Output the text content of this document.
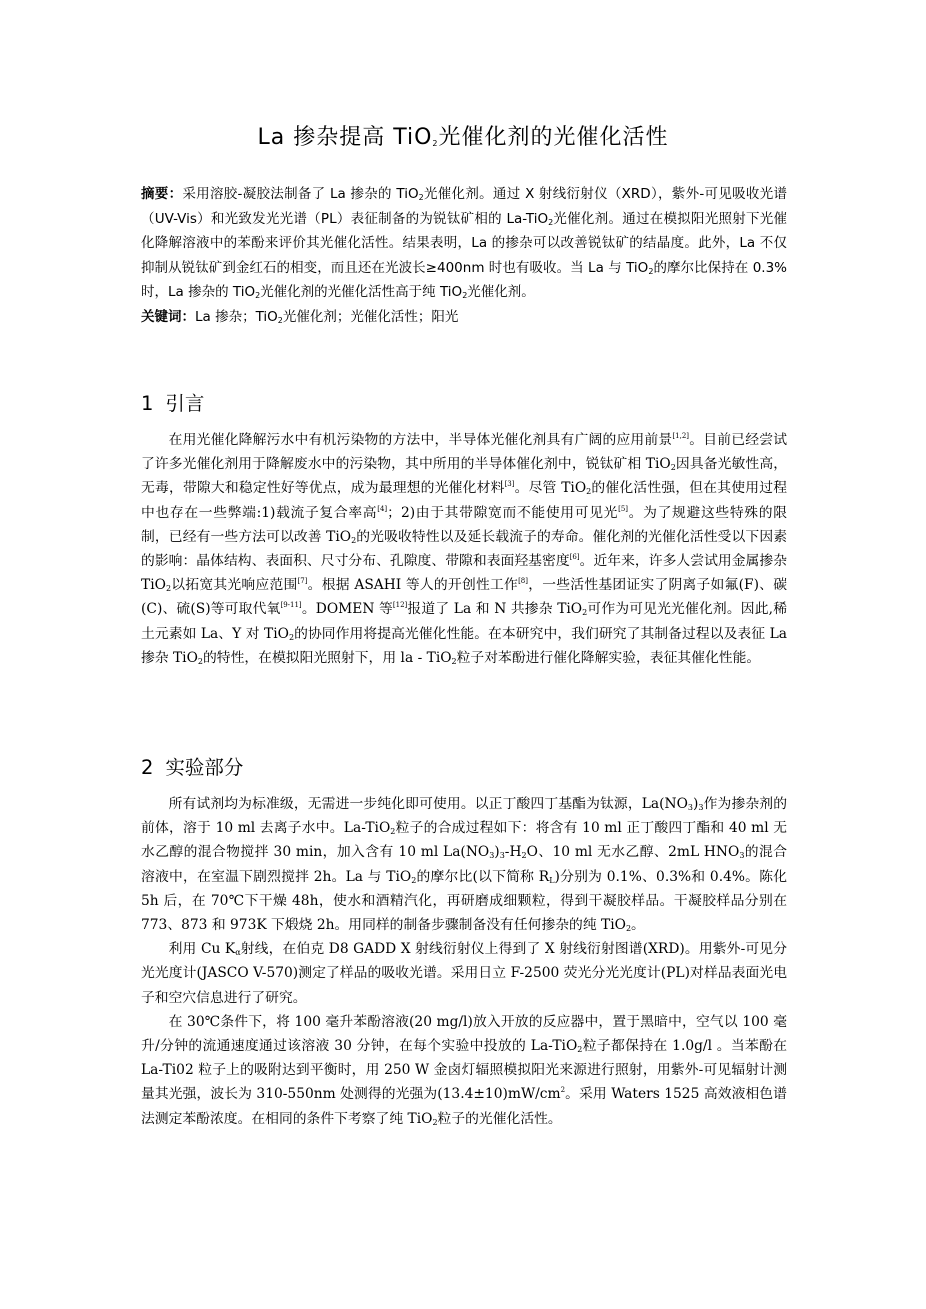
La 掺杂提高 TiO$_2$光催化剂的光催化活性

摘要：采用溶胶-凝胶法制备了 La 掺杂的 TiO$_2$光催化剂。通过 X 射线衍射仪（XRD），紫外-可见吸收光谱（UV-Vis）和光致发光光谱（PL）表征制备的为锐钛矿相的 La-TiO$_2$光催化剂。通过在模拟阳光照射下光催化降解溶液中的苯酚来评价其光催化活性。结果表明，La 的掺杂可以改善锐钛矿的结晶度。此外，La 不仅抑制从锐钛矿到金红石的相变，而且还在光波长≥400nm 时也有吸收。当 La 与 TiO$_2$的摩尔比保持在 0.3%时，La 掺杂的 TiO$_2$光催化剂的光催化活性高于纯 TiO$_2$光催化剂。

关键词：La 掺杂；TiO$_2$光催化剂；光催化活性；阳光

1 引言

在用光催化降解污水中有机污染物的方法中，半导体光催化剂具有广阔的应用前景[1,2]。目前已经尝试了许多光催化剂用于降解废水中的污染物，其中所用的半导体催化剂中，锐钛矿相 TiO$_2$因具备光敏性高，无毒，带隙大和稳定性好等优点，成为最理想的光催化材料[3]。尽管 TiO$_2$的催化活性强，但在其使用过程中也存在一些弊端:1)载流子复合率高[4]；2)由于其带隙宽而不能使用可见光[5]。为了规避这些特殊的限制，已经有一些方法可以改善 TiO$_2$的光吸收特性以及延长载流子的寿命。催化剂的光催化活性受以下因素的影响：晶体结构、表面积、尺寸分布、孔隙度、带隙和表面羟基密度[6]。近年来，许多人尝试用金属掺杂 TiO$_2$以拓宽其光响应范围[7]。根据 ASAHI 等人的开创性工作[8]，一些活性基团证实了阴离子如氟(F)、碳(C)、硫(S)等可取代氧[9-11]。DOMEN 等[12]报道了 La 和 N 共掺杂 TiO$_2$可作为可见光光催化剂。因此,稀土元素如 La、Y 对 TiO$_2$的协同作用将提高光催化性能。在本研究中，我们研究了其制备过程以及表征 La 掺杂 TiO$_2$的特性，在模拟阳光照射下，用 la - TiO$_2$粒子对苯酚进行催化降解实验，表征其催化性能。

2 实验部分

所有试剂均为标准级，无需进一步纯化即可使用。以正丁酸四丁基酯为钛源，$La(NO_3)_3$作为掺杂剂的前体，溶于 10 ml 去离子水中。La-TiO$_2$粒子的合成过程如下：将含有 10 ml 正丁酸四丁酯和 40 ml 无水乙醇的混合物搅拌 30 min，加入含有 10 ml $La(NO_3)_3-H_2O$、10 ml 无水乙醇、2mL $HNO_3$的混合溶液中，在室温下剧烈搅拌 2h。La 与 TiO$_2$的摩尔比(以下简称 $R_L$)分别为 0.1%、0.3%和 0.4%。陈化 5h 后，在 70℃下干燥 48h，使水和酒精汽化，再研磨成细颗粒，得到干凝胶样品。干凝胶样品分别在 773、873 和 973K 下煅烧 2h。用同样的制备步骤制备没有任何掺杂的纯 TiO$_2$。

利用 Cu $K_\alpha$射线，在伯克 D8 GADD X 射线衍射仪上得到了 X 射线衍射图谱(XRD)。用紫外-可见分光光度计(JASCO V-570)测定了样品的吸收光谱。采用日立 F-2500 荧光分光光度计(PL)对样品表面光电子和空穴信息进行了研究。

在 30℃条件下，将 100 毫升苯酚溶液(20 mg/l)放入开放的反应器中，置于黑暗中，空气以 100 毫升/分钟的流通速度通过该溶液 30 分钟，在每个实验中投放的 La-TiO$_2$粒子都保持在 1.0g/l 。当苯酚在 La-Ti02 粒子上的吸附达到平衡时，用 250 W 金卤灯辐照模拟阳光来源进行照射，用紫外-可见辐射计测量其光强，波长为 310-550nm 处测得的光强为$(13.4\pm 10)mW/cm^2$。采用 Waters 1525 高效液相色谱法测定苯酚浓度。在相同的条件下考察了纯 TiO$_2$粒子的光催化活性。
